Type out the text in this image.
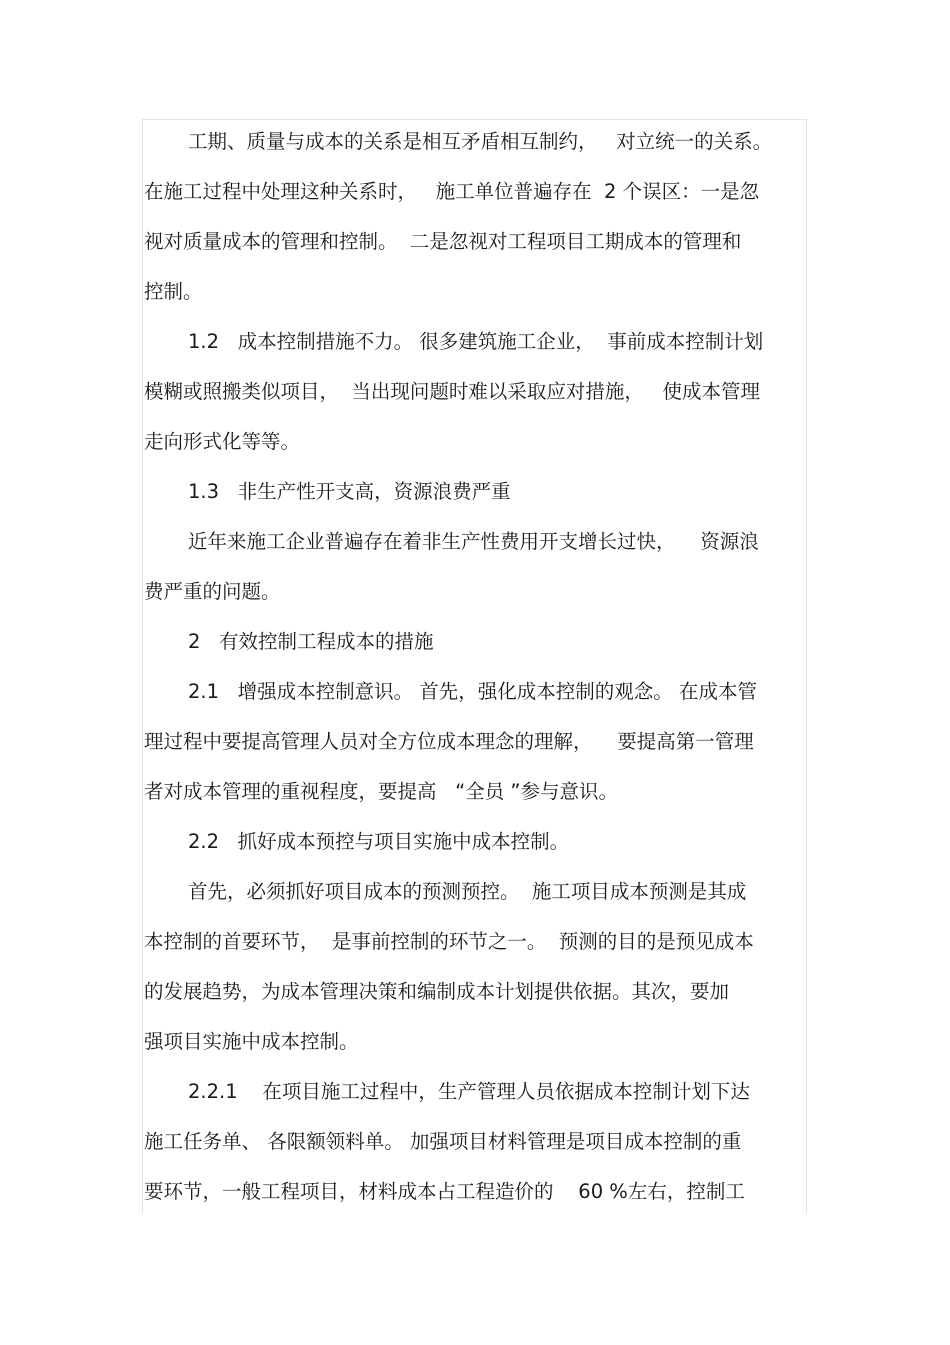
工期、质量与成本的关系是相互矛盾相互制约，   对立统一的关系。
在施工过程中处理这种关系时，   施工单位普遍存在  2 个误区：一是忽
视对质量成本的管理和控制。  二是忽视对工程项目工期成本的管理和
控制。
1.2   成本控制措施不力。 很多建筑施工企业，  事前成本控制计划
模糊或照搬类似项目，  当出现问题时难以采取应对措施，   使成本管理
走向形式化等等。
1.3   非生产性开支高，资源浪费严重
近年来施工企业普遍存在着非生产性费用开支增长过快，    资源浪
费严重的问题。
2   有效控制工程成本的措施
2.1   增强成本控制意识。 首先，强化成本控制的观念。 在成本管
理过程中要提高管理人员对全方位成本理念的理解，    要提高第一管理
者对成本管理的重视程度，要提高   “全员 ”参与意识。
2.2   抓好成本预控与项目实施中成本控制。
首先，必须抓好项目成本的预测预控。  施工项目成本预测是其成
本控制的首要环节，  是事前控制的环节之一。  预测的目的是预见成本
的发展趋势，为成本管理决策和编制成本计划提供依据。其次，要加
强项目实施中成本控制。
2.2.1    在项目施工过程中，生产管理人员依据成本控制计划下达
施工任务单、 各限额领料单。 加强项目材料管理是项目成本控制的重
要环节，一般工程项目，材料成本占工程造价的    60 %左右，控制工
